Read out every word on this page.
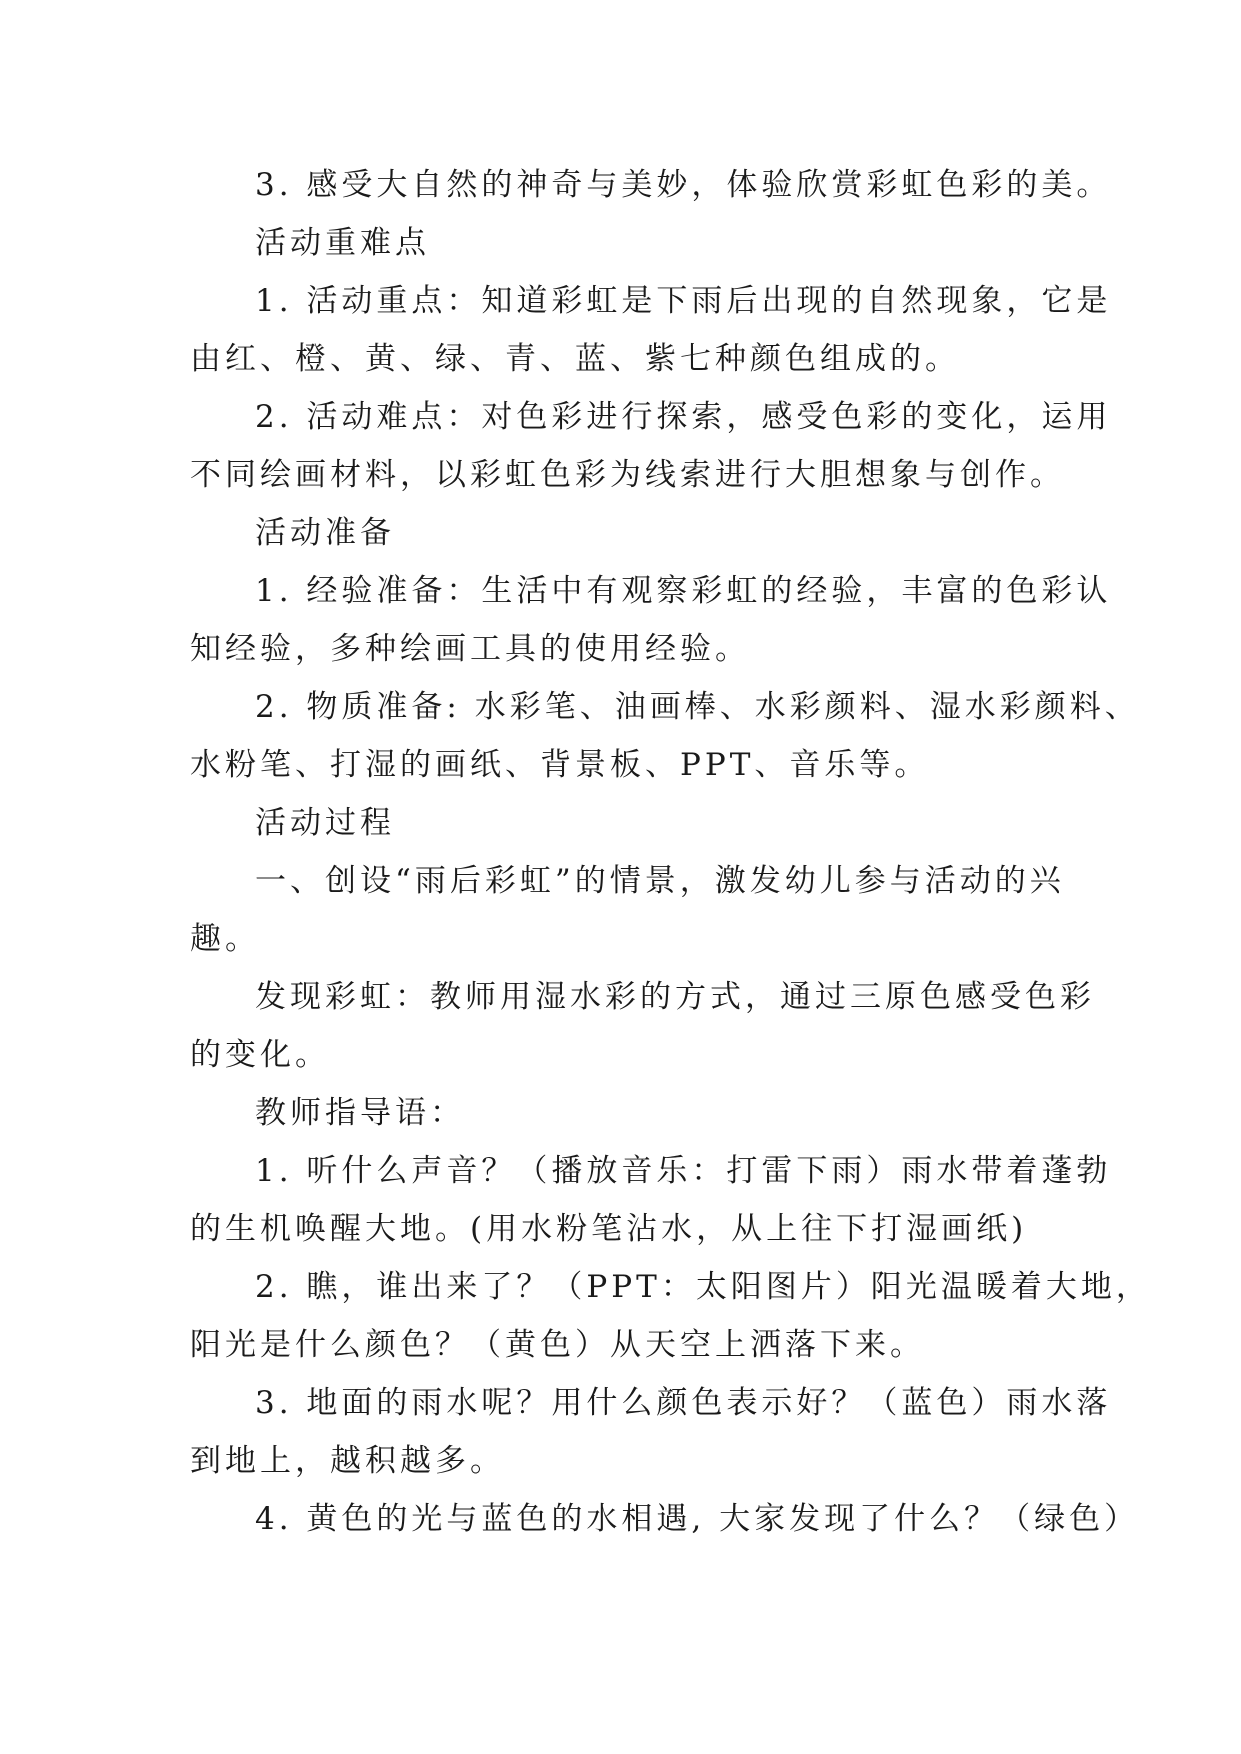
3. 感受大自然的神奇与美妙，体验欣赏彩虹色彩的美。
活动重难点
1. 活动重点：知道彩虹是下雨后出现的自然现象，它是
由红、橙、黄、绿、青、蓝、紫七种颜色组成的。
2. 活动难点：对色彩进行探索，感受色彩的变化，运用
不同绘画材料，以彩虹色彩为线索进行大胆想象与创作。
活动准备
1. 经验准备：生活中有观察彩虹的经验，丰富的色彩认
知经验，多种绘画工具的使用经验。
2. 物质准备: 水彩笔、油画棒、水彩颜料、湿水彩颜料、
水粉笔、打湿的画纸、背景板、PPT、音乐等。
活动过程
一、创设“雨后彩虹”的情景，激发幼儿参与活动的兴
趣。
发现彩虹：教师用湿水彩的方式，通过三原色感受色彩
的变化。
教师指导语：
1. 听什么声音？（播放音乐：打雷下雨）雨水带着蓬勃
的生机唤醒大地。(用水粉笔沾水，从上往下打湿画纸)
2. 瞧，谁出来了？（PPT：太阳图片）阳光温暖着大地，
阳光是什么颜色？（黄色）从天空上洒落下来。
3. 地面的雨水呢？用什么颜色表示好？（蓝色）雨水落
到地上，越积越多。
4. 黄色的光与蓝色的水相遇, 大家发现了什么？（绿色）
